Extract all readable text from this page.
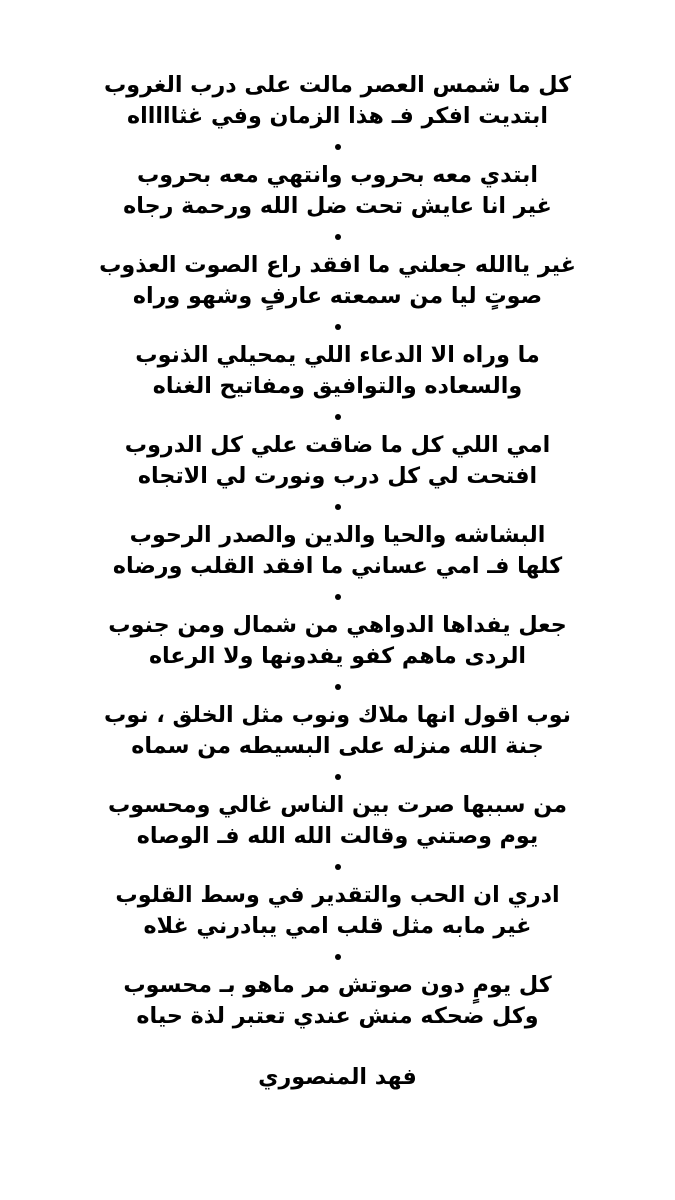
كل ما شمس العصر مالت على درب الغروب
ابتديت افكر فـ هذا الزمان وفي غثاااااه
ابتدي معه بحروب وانتهي معه بحروب
غير انا عايش تحت ضل الله ورحمة رجاه
غير ياالله جعلني ما افقد راع الصوت العذوب
صوتٍ ليا من سمعته عارفٍ وشهو وراه
ما وراه الا الدعاء اللي يمحيلي الذنوب
والسعاده والتوافيق ومفاتيح الغناه
امي اللي كل ما ضاقت علي كل الدروب
افتحت لي كل درب ونورت لي الاتجاه
البشاشه والحيا والدين والصدر الرحوب
كلها فـ امي عساني ما افقد القلب ورضاه
جعل يفداها الدواهي من شمال ومن جنوب
الردى ماهم كفو يفدونها ولا الرعاه
نوب اقول انها ملاك ونوب مثل الخلق ، نوب
جنة الله منزله على البسيطه من سماه
من سببها صرت بين الناس غالي ومحسوب
يوم وصتني وقالت الله الله فـ الوصاه
ادري ان الحب والتقدير في وسط القلوب
غير مابه مثل قلب امي يبادرني غلاه
كل يومٍ دون صوتش مر ماهو بـ محسوب
وكل ضحكه منش عندي تعتبر لذة حياه
فهد المنصوري
